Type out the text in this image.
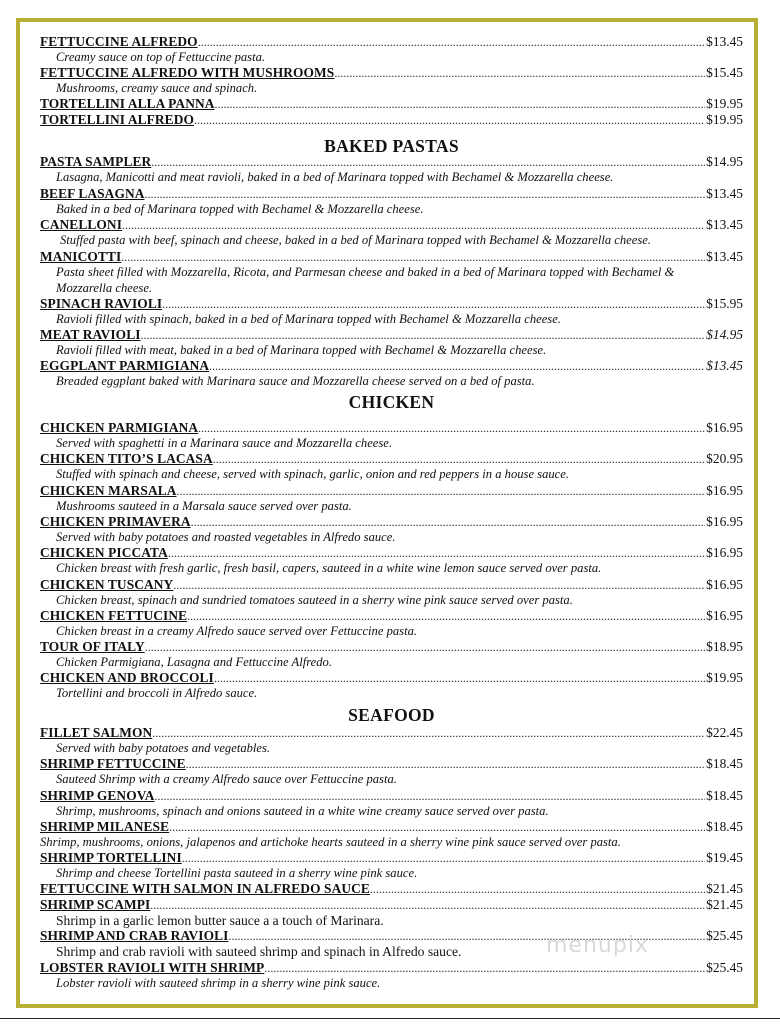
FETTUCCINE ALFREDO .....	$13.45
Creamy sauce on top of Fettuccine pasta.
FETTUCCINE ALFREDO WITH MUSHROOMS .....	$15.45
Mushrooms, creamy sauce and spinach.
TORTELLINI ALLA PANNA .....	$19.95
TORTELLINI ALFREDO .....	$19.95
BAKED PASTAS
PASTA SAMPLER .....	$14.95
Lasagna, Manicotti and meat ravioli, baked in a bed of Marinara topped with Bechamel & Mozzarella cheese.
BEEF LASAGNA .....	$13.45
Baked in a bed of Marinara topped with Bechamel & Mozzarella cheese.
CANELLONI .....	$13.45
Stuffed pasta with beef, spinach and cheese, baked in a bed of Marinara topped with Bechamel & Mozzarella cheese.
MANICOTTI .....	$13.45
Pasta sheet filled with Mozzarella, Ricota, and Parmesan cheese and baked in a bed of Marinara topped with Bechamel & Mozzarella cheese.
SPINACH RAVIOLI .....	$15.95
Ravioli filled with spinach, baked in a bed of Marinara topped with Bechamel & Mozzarella cheese.
MEAT RAVIOLI .....	$14.95
Ravioli filled with meat, baked in a bed of Marinara topped with Bechamel & Mozzarella cheese.
EGGPLANT PARMIGIANA .....	$13.45
Breaded eggplant baked with Marinara sauce and Mozzarella cheese served on a bed of pasta.
CHICKEN
CHICKEN PARMIGIANA .....	$16.95
Served with spaghetti in a Marinara sauce and Mozzarella cheese.
CHICKEN TITO’S LACASA .....	$20.95
Stuffed with spinach and cheese, served with spinach, garlic, onion and red peppers in a house sauce.
CHICKEN MARSALA .....	$16.95
Mushrooms sauteed in a Marsala sauce served over pasta.
CHICKEN PRIMAVERA .....	$16.95
Served with baby potatoes and roasted vegetables in Alfredo sauce.
CHICKEN PICCATA .....	$16.95
Chicken breast with fresh garlic, fresh basil, capers, sauteed in a white wine lemon sauce served over pasta.
CHICKEN TUSCANY .....	$16.95
Chicken breast, spinach and sundried tomatoes sauteed in a sherry wine pink sauce served over pasta.
CHICKEN FETTUCINE .....	$16.95
Chicken breast in a creamy Alfredo sauce served over Fettuccine pasta.
TOUR OF ITALY .....	$18.95
Chicken Parmigiana, Lasagna and Fettuccine Alfredo.
CHICKEN AND BROCCOLI .....	$19.95
Tortellini and broccoli in Alfredo sauce.
SEAFOOD
FILLET SALMON .....	$22.45
Served with baby potatoes and vegetables.
SHRIMP FETTUCCINE .....	$18.45
Sauteed Shrimp with a creamy Alfredo sauce over Fettuccine pasta.
SHRIMP GENOVA .....	$18.45
Shrimp, mushrooms, spinach and onions sauteed in a white wine creamy sauce served over pasta.
SHRIMP MILANESE .....	$18.45
Shrimp, mushrooms, onions, jalapenos and artichoke hearts sauteed in a sherry wine pink sauce served over pasta.
SHRIMP TORTELLINI .....	$19.45
Shrimp and cheese Tortellini pasta sauteed in a sherry wine pink sauce.
FETTUCCINE WITH SALMON IN ALFREDO SAUCE .....	$21.45
SHRIMP SCAMPI .....	$21.45
Shrimp in a garlic lemon butter sauce a a touch of Marinara.
SHRIMP AND CRAB RAVIOLI .....	$25.45
Shrimp and crab ravioli with sauteed shrimp and spinach in Alfredo sauce.
LOBSTER RAVIOLI WITH SHRIMP .....	$25.45
Lobster ravioli with sauteed shrimp in a sherry wine pink sauce.
menupix
